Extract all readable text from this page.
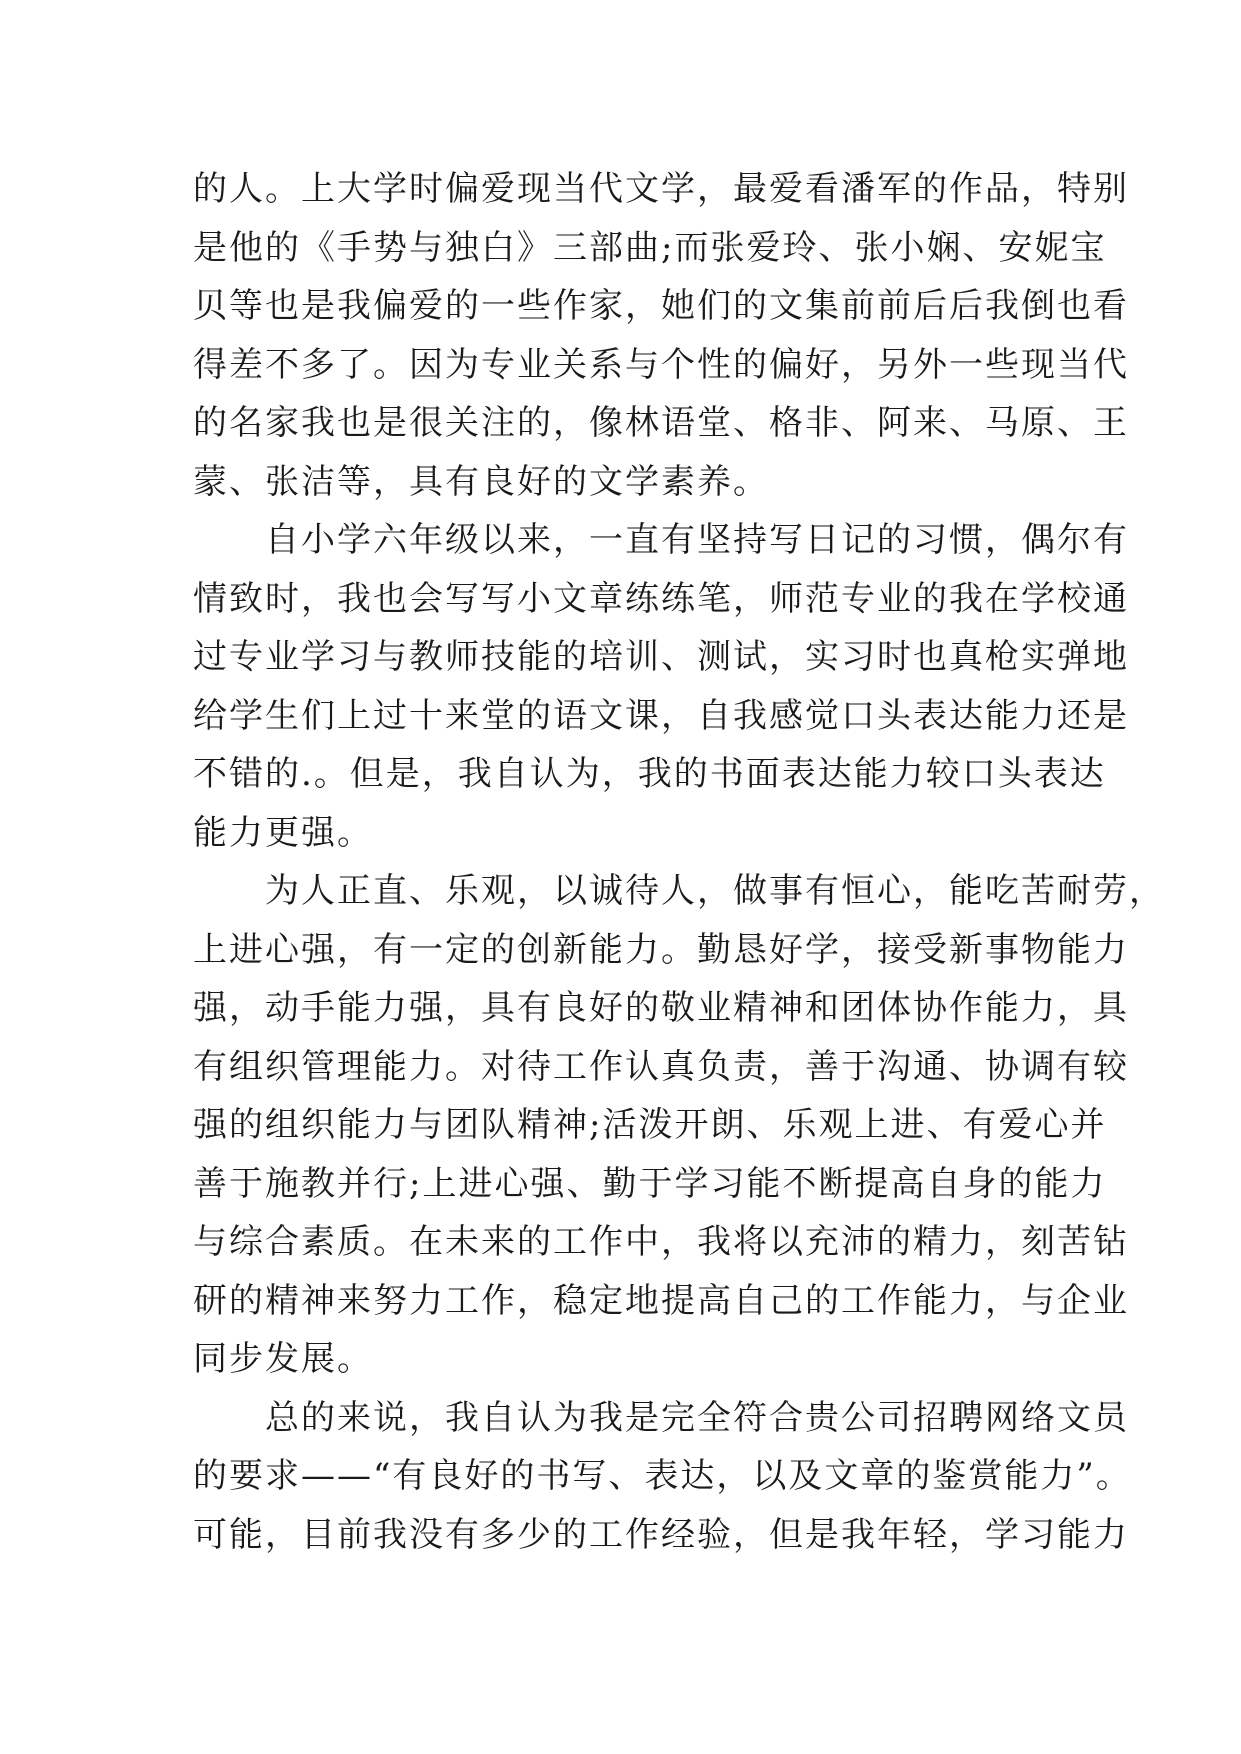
的人。上大学时偏爱现当代文学，最爱看潘军的作品，特别
是他的《手势与独白》三部曲;而张爱玲、张小娴、安妮宝
贝等也是我偏爱的一些作家，她们的文集前前后后我倒也看
得差不多了。因为专业关系与个性的偏好，另外一些现当代
的名家我也是很关注的，像林语堂、格非、阿来、马原、王
蒙、张洁等，具有良好的文学素养。
自小学六年级以来，一直有坚持写日记的习惯，偶尔有
情致时，我也会写写小文章练练笔，师范专业的我在学校通
过专业学习与教师技能的培训、测试，实习时也真枪实弹地
给学生们上过十来堂的语文课，自我感觉口头表达能力还是
不错的.。但是，我自认为，我的书面表达能力较口头表达
能力更强。
为人正直、乐观，以诚待人，做事有恒心，能吃苦耐劳，
上进心强，有一定的创新能力。勤恳好学，接受新事物能力
强，动手能力强，具有良好的敬业精神和团体协作能力，具
有组织管理能力。对待工作认真负责，善于沟通、协调有较
强的组织能力与团队精神;活泼开朗、乐观上进、有爱心并
善于施教并行;上进心强、勤于学习能不断提高自身的能力
与综合素质。在未来的工作中，我将以充沛的精力，刻苦钻
研的精神来努力工作，稳定地提高自己的工作能力，与企业
同步发展。
总的来说，我自认为我是完全符合贵公司招聘网络文员
的要求——“有良好的书写、表达，以及文章的鉴赏能力”。
可能，目前我没有多少的工作经验，但是我年轻，学习能力
